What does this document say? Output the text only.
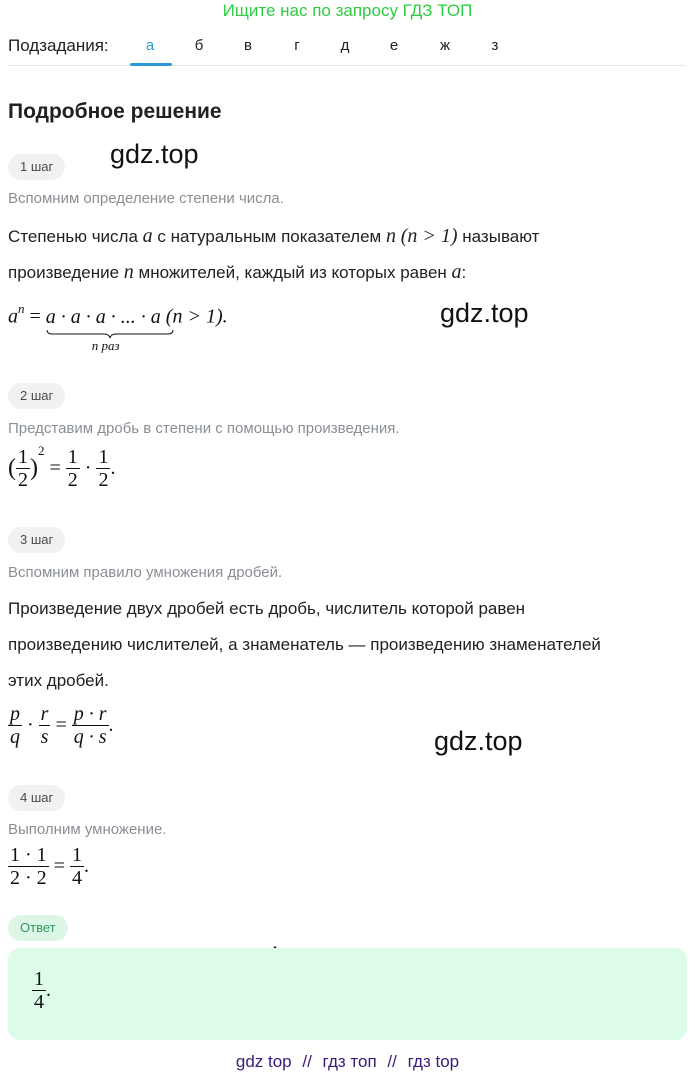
Ищите нас по запросу ГДЗ ТОП
Подзадания:	а	б	в	г	д	е	ж	з
Подробное решение
gdz.top
gdz.top
gdz.top
1 шаг
Вспомним определение степени числа.
Степенью числа a с натуральным показателем n (n > 1) называют
произведение n множителей, каждый из которых равен a:
$a^n = a \cdot a \cdot a$ · ... · a
n раз
(n > 1).
2 шаг
Представим дробь в степени с помощью произведения.
( $\frac{1}{2} )^2 = \frac{1}{2} \cdot \frac{1}{2}$ .
3 шаг
Вспомним правило умножения дробей.
Произведение двух дробей есть дробь, числитель которой равен
произведению числителей, а знаменатель — произведению знаменателей
этих дробей.
$\frac{p}{q} \cdot \frac{r}{s} = \frac{p \cdot r}{q \cdot s}$ .
4 шаг
Выполним умножение.
$\frac{1 \cdot 1}{2 \cdot 2} = \frac{1}{4}$ .
Ответ
$\frac{1}{4}$ .
gdz top // гдз топ // гдз top
